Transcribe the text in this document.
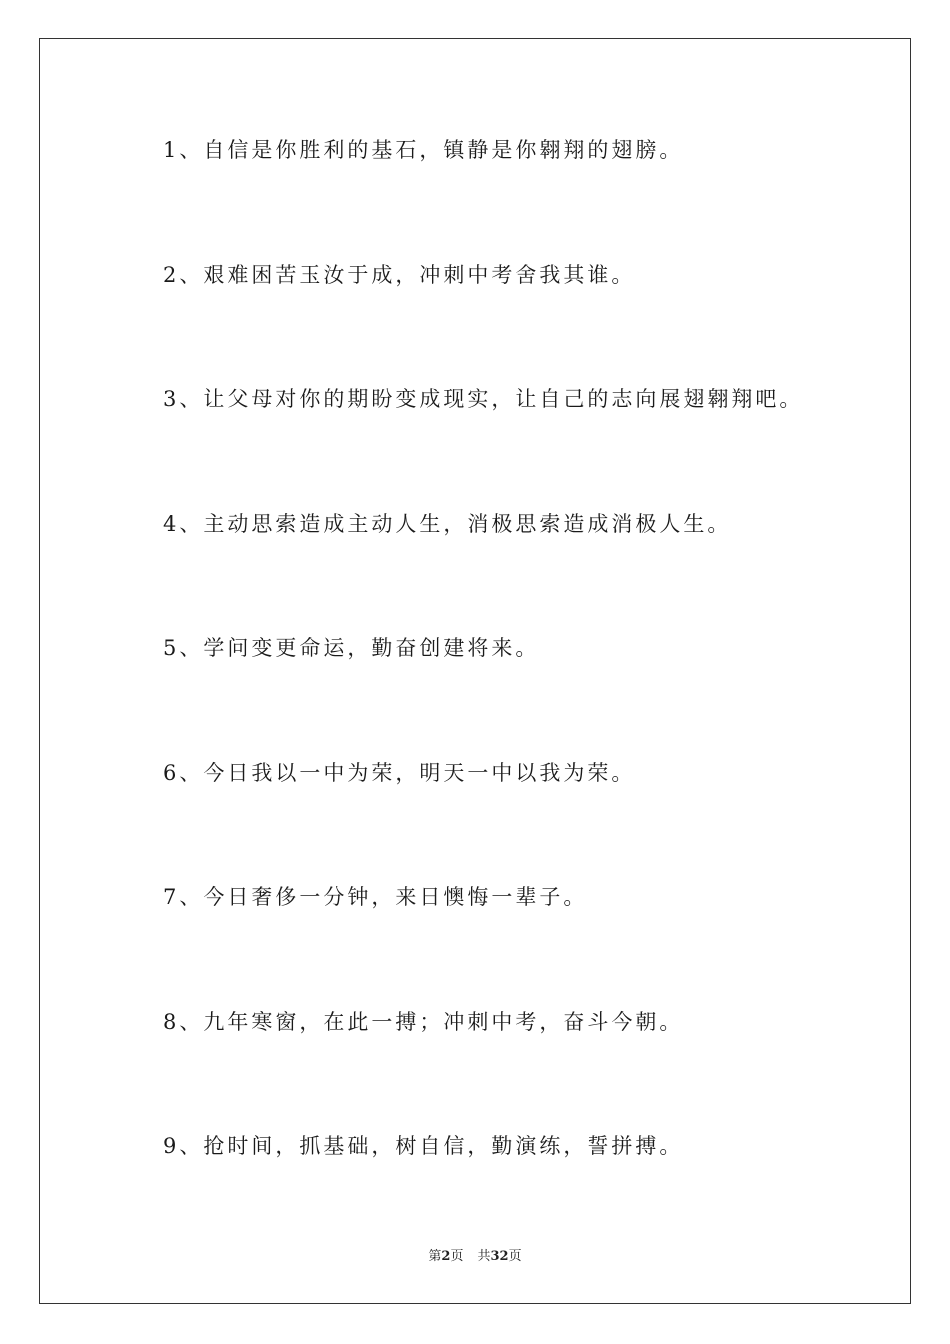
1、自信是你胜利的基石，镇静是你翱翔的翅膀。
2、艰难困苦玉汝于成，冲刺中考舍我其谁。
3、让父母对你的期盼变成现实，让自己的志向展翅翱翔吧。
4、主动思索造成主动人生，消极思索造成消极人生。
5、学问变更命运，勤奋创建将来。
6、今日我以一中为荣，明天一中以我为荣。
7、今日奢侈一分钟，来日懊悔一辈子。
8、九年寒窗，在此一搏；冲刺中考，奋斗今朝。
9、抢时间，抓基础，树自信，勤演练，誓拼搏。
第2页 共32页
